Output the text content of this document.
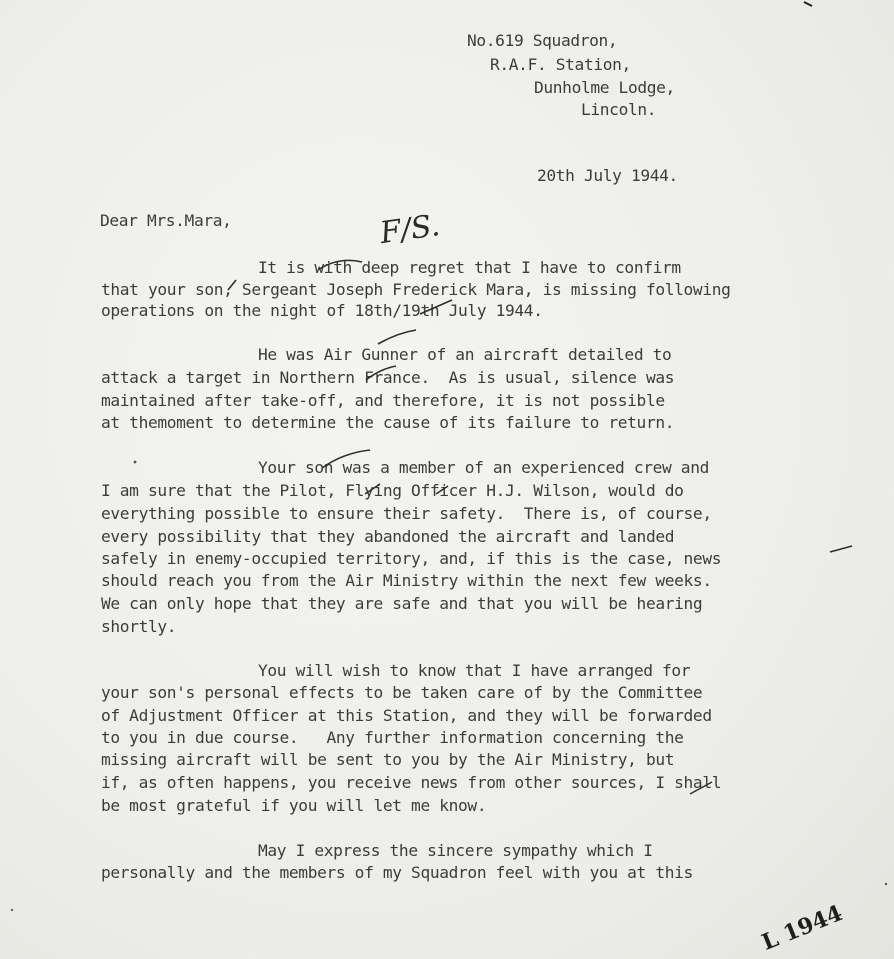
No.619 Squadron,
R.A.F. Station,
Dunholme Lodge,
Lincoln.
20th July 1944.
Dear Mrs.Mara,
It is with deep regret that I have to confirm
that your son, Sergeant Joseph Frederick Mara, is missing following
operations on the night of 18th/19th July 1944.
He was Air Gunner of an aircraft detailed to
attack a target in Northern France.  As is usual, silence was
maintained after take-off, and therefore, it is not possible
at themoment to determine the cause of its failure to return.
Your son was a member of an experienced crew and
I am sure that the Pilot, Flying Officer H.J. Wilson, would do
everything possible to ensure their safety.  There is, of course,
every possibility that they abandoned the aircraft and landed
safely in enemy-occupied territory, and, if this is the case, news
should reach you from the Air Ministry within the next few weeks.
We can only hope that they are safe and that you will be hearing
shortly.
You will wish to know that I have arranged for
your son's personal effects to be taken care of by the Committee
of Adjustment Officer at this Station, and they will be forwarded
to you in due course.   Any further information concerning the
missing aircraft will be sent to you by the Air Ministry, but
if, as often happens, you receive news from other sources, I shall
be most grateful if you will let me know.
May I express the sincere sympathy which I
personally and the members of my Squadron feel with you at this
F/S.
L 1944
